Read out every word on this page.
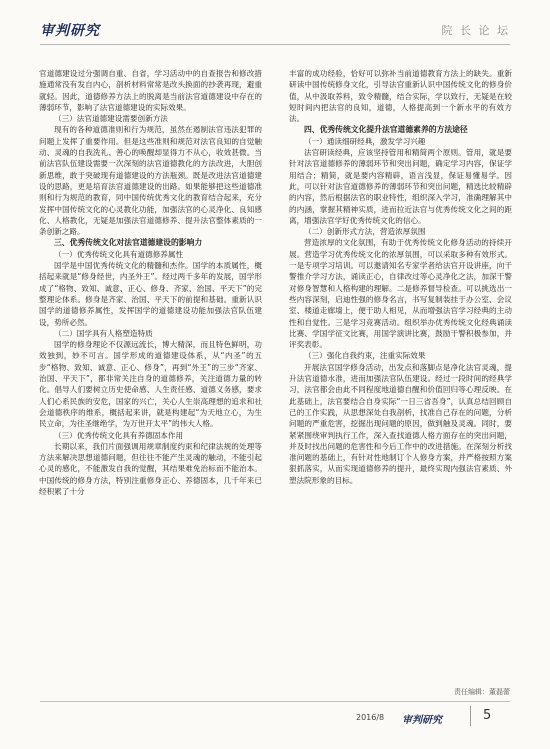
审判研究	院 长 论 坛

官道德建设过分强调自重、自省，学习活动中的自查报告和修改措施通常没有发自内心，剖析材料常常是改头换面的抄袭再现，避重就轻。因此，道德修养方法上的脱离是当前法官道德建设中存在的薄弱环节，影响了法官道德建设的实际效果。

（三）法官道德建设需要创新方法

现有的各种道德准则和行为规范，虽然在遏制法官违法犯罪的问题上发挥了重要作用。但是这些准则和规范对法官良知的自觉触动、灵魂的自我洗礼、善心的唤醒却显得力不从心，收效甚微。当前法官队伍建设需要一次深刻的法官道德教化的方法改进，大胆创新思维，敢于突破现有道德建设的方法瓶颈。既是改进法官道德建设的思路，更是培育法官道德建设的出路。如果能够把这些道德准则和行为规范的教育，同中国传统优秀文化的教育结合起来，充分发挥中国传统文化的心灵教化功能，加强法官的心灵净化、良知感化、人格教化，无疑是加强法官道德修养、提升法官整体素质的一条创新之路。

三、优秀传统文化对法官道德建设的影响力

（一）优秀传统文化具有道德修养属性

国学是中国优秀传统文化的精髓和杰作。国学的本质属性，概括起来就是“修身经世，内圣外王”。经过两千多年的发展，国学形成了“格物、致知、诚意、正心、修身、齐家、治国、平天下”的完整理论体系。修身是齐家、治国、平天下的前提和基础。重新认识国学的道德修养属性，发挥国学的道德建设功能加强法官队伍建设，势所必然。

（二）国学具有人格塑造特质

国学的修身理论不仅源远流长，博大精深，而且特色鲜明，功效独到，妙不可言。国学形成的道德建设体系，从“内圣”的五步“格物、致知、诚意、正心、修身”，再到“外王”的三步“齐家、治国、平天下”，都非常关注自身的道德修养，关注道德力量的转化。倡导人们要树立历史使命感、人生责任感、道德义务感，要求人们心系民族的安危，国家的兴亡，关心人生崇高理想的追求和社会道德秩序的维系，概括起来讲，就是构建起“为天地立心，为生民立命，为往圣继绝学，为万世开太平”的伟大人格。

（三）优秀传统文化具有养德固本作用

长期以来，我们片面强调用规章制度约束和纪律法规的处理等方法来解决思想道德问题，但往往不能产生灵魂的触动，不能引起心灵的感化，不能激发自我的觉醒，其结果难免治标而不能治本。中国传统的修身方法，特别注重修身正心、养德固本，几千年来已经积累了十分

丰富的成功经验，恰好可以弥补当前道德教育方法上的缺失。重新研读中国传统修身文化，引导法官重新认识中国传统文化的修身价值，从中汲取养料，致令精髓，结合实际，学以致行，无疑是在较短时间内把法官的良知，道德，人格提高到一个新水平的有效方法。

四、优秀传统文化提升法官道德素养的方法途径

（一）通读细研经典，激发学习兴趣

法官研读经典，应该坚持管用和精简两个原则。管用，就是要针对法官道德修养的薄弱环节和突出问题，确定学习内容，保证学用结合；精简，就是要内容精辟，语言浅显，保证易懂易学。因此，可以针对法官道德修养的薄弱环节和突出问题，精选比较精辟的内容，然后根据法官的职业特性，组织深入学习，准确理解其中的内涵，掌握其精神实质，进而拉近法官与优秀传统文化之间的距离，增强法官学好优秀传统文化的信心。

（二）创新形式方法，营造浓厚氛围

营造浓厚的文化氛围，有助于优秀传统文化修身活动的持续开展。营造学习优秀传统文化的浓厚氛围，可以采取多种有效形式。一是专项学习培训。可以邀请知名专家学者给法官开设讲座，向干警推介学习方法，诵读正心，自律改过等心灵净化之法，加深干警对修身智慧和人格构建的理解。二是修养督导检查。可以挑选出一些内容深刻，启迪性强的修身名言，书写复制装挂于办公室、会议室、楼道走廊墙上，便于助人相见，从而增强法官学习经典的主动性和自觉性。三是学习竞赛活动。组织举办优秀传统文化经典诵读比赛、学国学征文比赛，用国学演讲比赛，鼓励干警积极参加，并评奖表彰。

（三）强化自我约束，注重实际效果

开展法官国学修身活动，出发点和落脚点是净化法官灵魂，提升法官道德水准，进而加强法官队伍建设。经过一段时间的经典学习，法官都会由此不同程度地道德自醒和价值回归等心理反映。在此基础上，法官要结合自身实际“一日三省吾身”，认真总结回顾自己的工作实践，从思想深处自我剖析，找准自己存在的问题，分析问题的严重危害，挖掘出现问题的原因，做到触及灵魂。同时，要紧紧围绕审判执行工作，深入查找道德人格方面存在的突出问题，并及时找出问题的危害性和今后工作中的改进措施。在深刻分析找准问题的基础上，有针对性地制订个人修身方案，并严格按照方案狠抓落实，从而实现道德修养的提升，最终实现内强法官素质、外塑法院形象的目标。

责任编辑：董磊蕾
2016/8 审判研究	5
